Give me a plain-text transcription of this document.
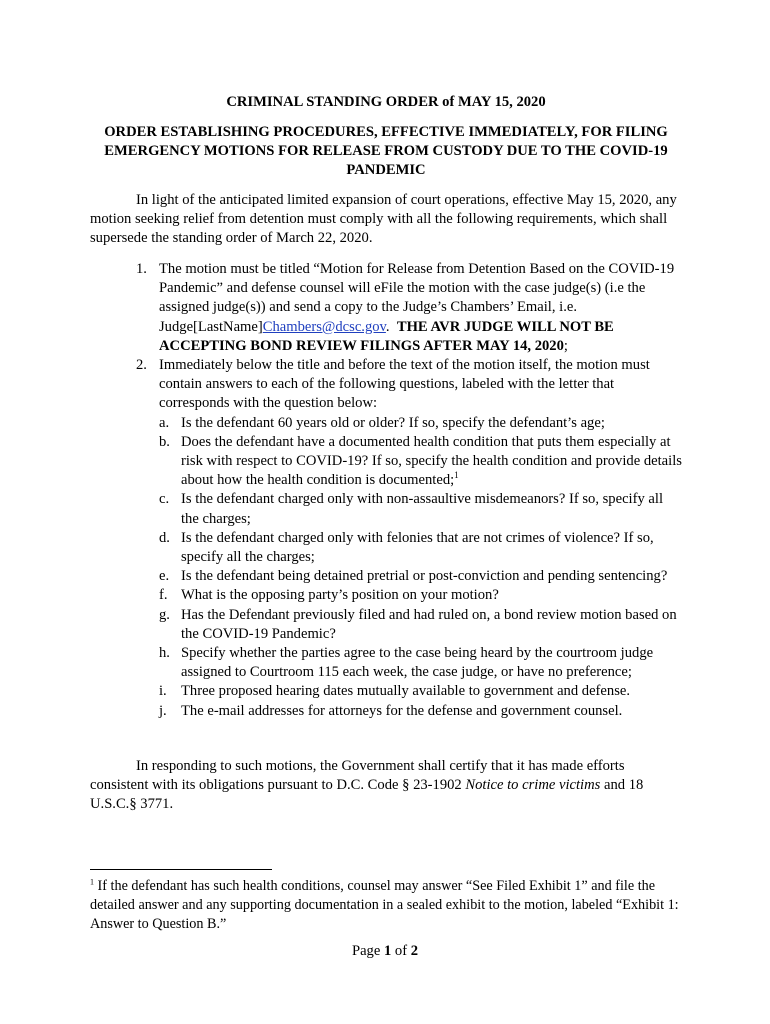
CRIMINAL STANDING ORDER of MAY 15, 2020
ORDER ESTABLISHING PROCEDURES, EFFECTIVE IMMEDIATELY, FOR FILING
EMERGENCY MOTIONS FOR RELEASE FROM CUSTODY DUE TO THE COVID-19
PANDEMIC
In light of the anticipated limited expansion of court operations, effective May 15, 2020, any motion seeking relief from detention must comply with all the following requirements, which shall supersede the standing order of March 22, 2020.
1. The motion must be titled “Motion for Release from Detention Based on the COVID-19 Pandemic” and defense counsel will eFile the motion with the case judge(s) (i.e the assigned judge(s)) and send a copy to the Judge’s Chambers’ Email, i.e. Judge[LastName]Chambers@dcsc.gov. THE AVR JUDGE WILL NOT BE ACCEPTING BOND REVIEW FILINGS AFTER MAY 14, 2020;
2. Immediately below the title and before the text of the motion itself, the motion must contain answers to each of the following questions, labeled with the letter that corresponds with the question below:
a. Is the defendant 60 years old or older? If so, specify the defendant’s age;
b. Does the defendant have a documented health condition that puts them especially at risk with respect to COVID-19? If so, specify the health condition and provide details about how the health condition is documented;$^1$
c. Is the defendant charged only with non-assaultive misdemeanors? If so, specify all the charges;
d. Is the defendant charged only with felonies that are not crimes of violence? If so, specify all the charges;
e. Is the defendant being detained pretrial or post-conviction and pending sentencing?
f. What is the opposing party’s position on your motion?
g. Has the Defendant previously filed and had ruled on, a bond review motion based on the COVID-19 Pandemic?
h. Specify whether the parties agree to the case being heard by the courtroom judge assigned to Courtroom 115 each week, the case judge, or have no preference;
i. Three proposed hearing dates mutually available to government and defense.
j. The e-mail addresses for attorneys for the defense and government counsel.
In responding to such motions, the Government shall certify that it has made efforts consistent with its obligations pursuant to D.C. Code § 23-1902 Notice to crime victims and 18 U.S.C.§ 3771.
$^1$ If the defendant has such health conditions, counsel may answer “See Filed Exhibit 1” and file the detailed answer and any supporting documentation in a sealed exhibit to the motion, labeled “Exhibit 1: Answer to Question B.”
Page 1 of 2
